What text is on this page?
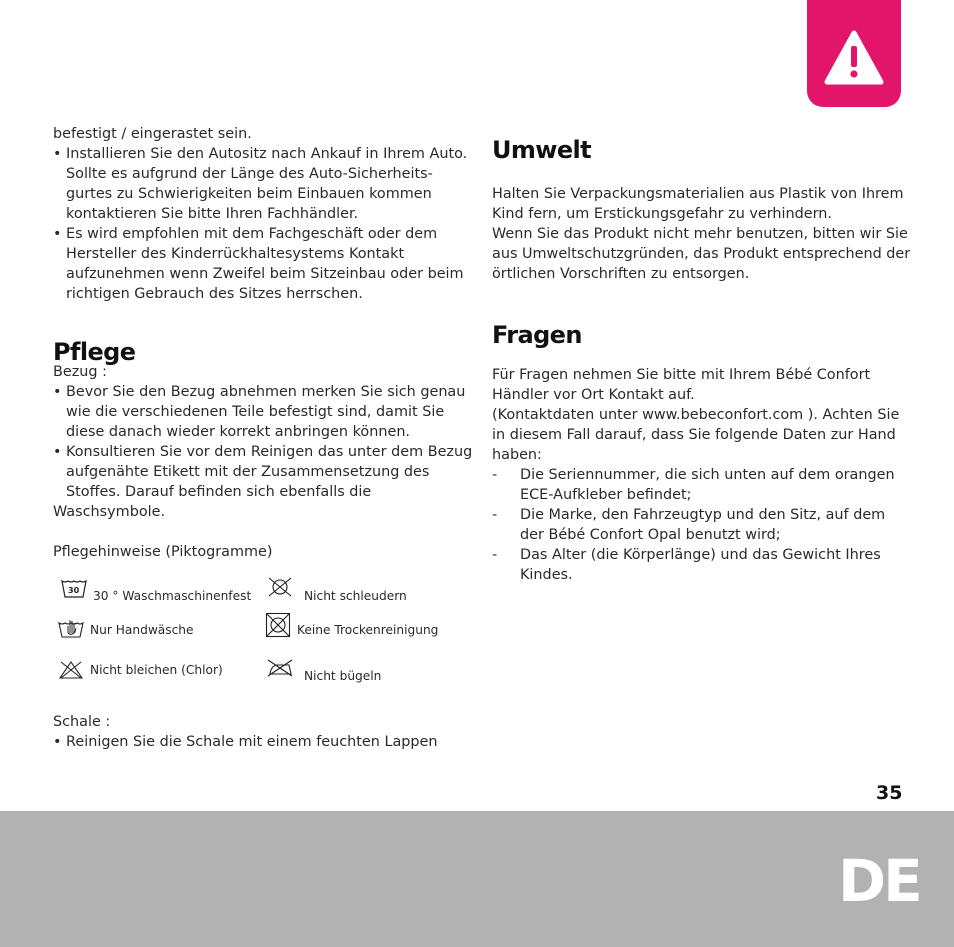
befestigt / eingerastet sein.

• Installieren Sie den Autositz nach Ankauf in Ihrem Auto. Sollte es aufgrund der Länge des Auto-Sicherheits-gurtes zu Schwierigkeiten beim Einbauen kommen kontaktieren Sie bitte Ihren Fachhändler.

• Es wird empfohlen mit dem Fachgeschäft oder dem Hersteller des Kinderrückhaltesystems Kontakt aufzunehmen wenn Zweifel beim Sitzeinbau oder beim richtigen Gebrauch des Sitzes herrschen.

Pflege

Bezug :

• Bevor Sie den Bezug abnehmen merken Sie sich genau wie die verschiedenen Teile befestigt sind, damit Sie diese danach wieder korrekt anbringen können.

• Konsultieren Sie vor dem Reinigen das unter dem Bezug aufgenähte Etikett mit der Zusammensetzung des Stoffes. Darauf befinden sich ebenfalls die

Waschsymbole.

Pflegehinweise (Piktogramme)

30 30 ° Waschmaschinenfest	Nicht schleudern
Nur Handwäsche	Keine Trockenreinigung
Nicht bleichen (Chlor)	Nicht bügeln

Schale :

• Reinigen Sie die Schale mit einem feuchten Lappen

Umwelt

Halten Sie Verpackungsmaterialien aus Plastik von Ihrem Kind fern, um Erstickungsgefahr zu verhindern.
Wenn Sie das Produkt nicht mehr benutzen, bitten wir Sie aus Umweltschutzgründen, das Produkt entsprechend der örtlichen Vorschriften zu entsorgen.

Fragen

Für Fragen nehmen Sie bitte mit Ihrem Bébé Confort Händler vor Ort Kontakt auf.
(Kontaktdaten unter www.bebeconfort.com ). Achten Sie in diesem Fall darauf, dass Sie folgende Daten zur Hand haben:

- Die Seriennummer, die sich unten auf dem orangen ECE-Aufkleber befindet;

- Die Marke, den Fahrzeugtyp und den Sitz, auf dem der Bébé Confort Opal benutzt wird;

- Das Alter (die Körperlänge) und das Gewicht Ihres Kindes.

35
DE
